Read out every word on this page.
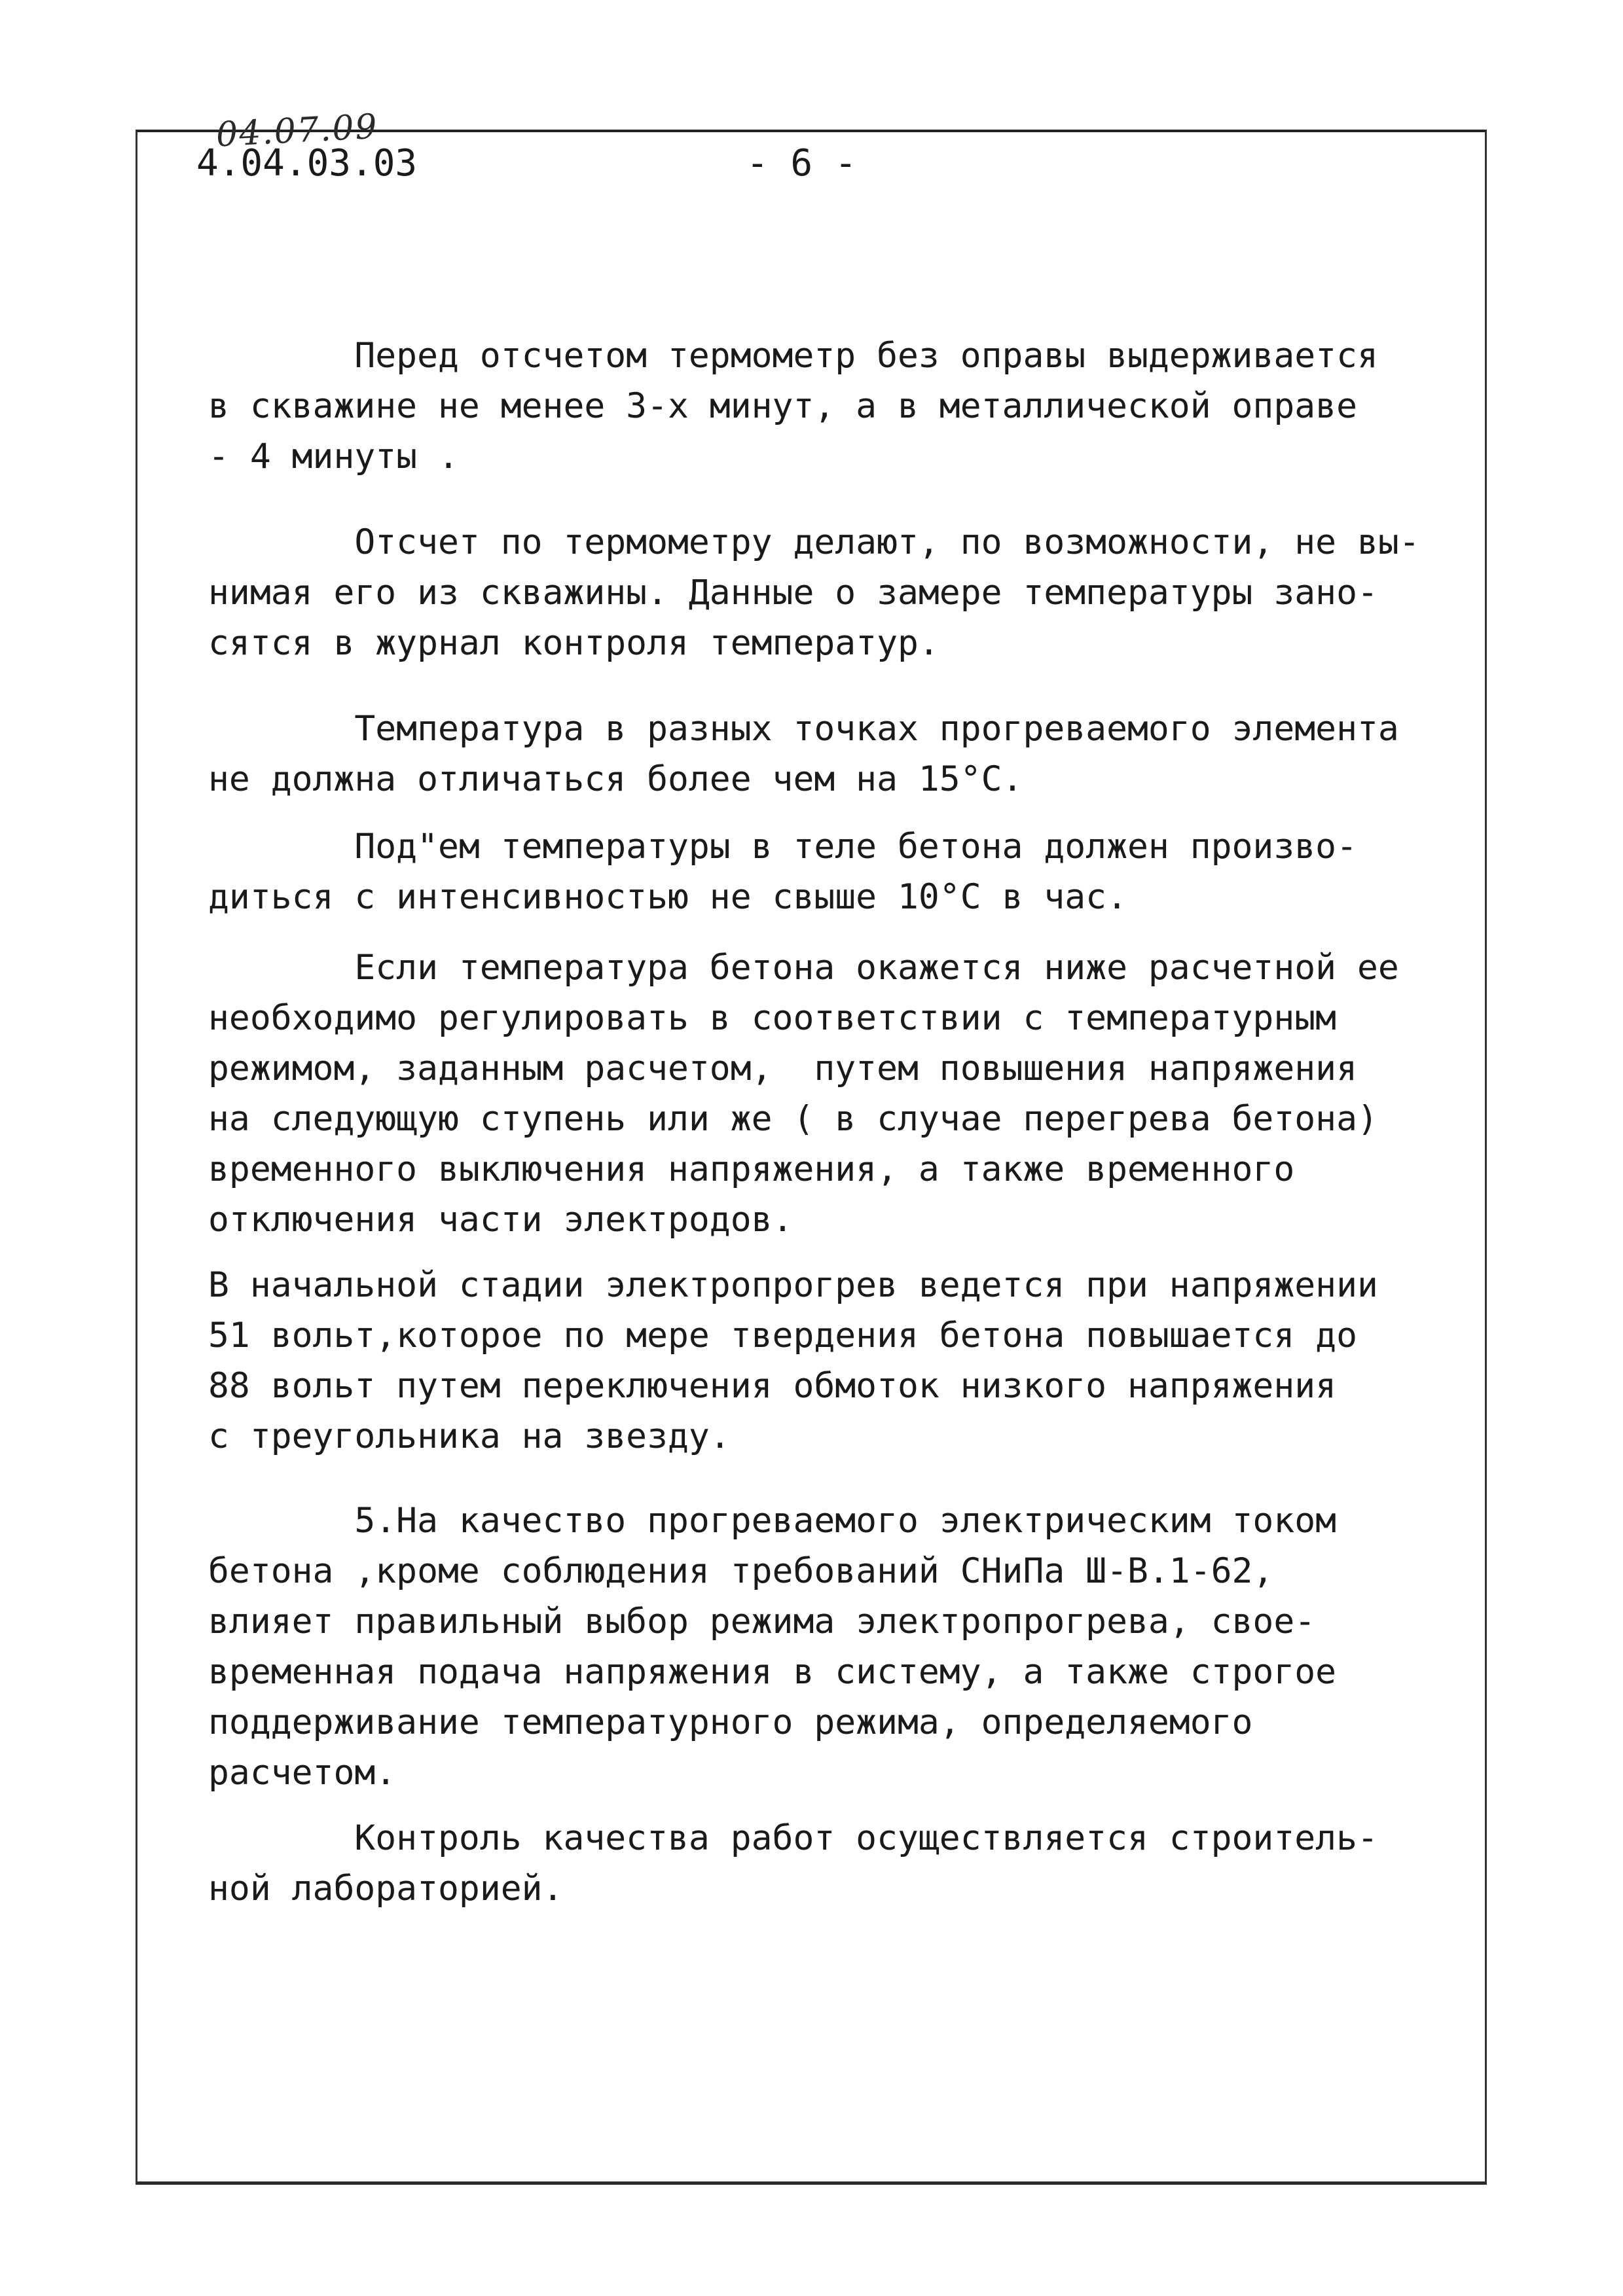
04.07.09
4.04.03.03	- 6 -

Перед отсчетом термометр без оправы выдерживается
в скважине не менее 3-х минут, а в металлической оправе
- 4 минуты .

Отсчет по термометру делают, по возможности, не вы-
нимая его из скважины. Данные о замере температуры зано-
сятся в журнал контроля температур.

Температура в разных точках прогреваемого элемента
не должна отличаться более чем на 15°С.

Под"ем температуры в теле бетона должен произво-
диться с интенсивностью не свыше 10°С в час.

Если температура бетона окажется ниже расчетной ее
необходимо регулировать в соответствии с температурным
режимом, заданным расчетом,  путем повышения напряжения
на следующую ступень или же ( в случае перегрева бетона)
временного выключения напряжения, а также временного
отключения части электродов.

В начальной стадии электропрогрев ведется при напряжении
51 вольт,которое по мере твердения бетона повышается до
88 вольт путем переключения обмоток низкого напряжения
с треугольника на звезду.

5.На качество прогреваемого электрическим током
бетона ,кроме соблюдения требований СНиПа Ш-В.1-62,
влияет правильный выбор режима электропрогрева, свое-
временная подача напряжения в систему, а также строгое
поддерживание температурного режима, определяемого
расчетом.

Контроль качества работ осуществляется строитель-
ной лабораторией.
